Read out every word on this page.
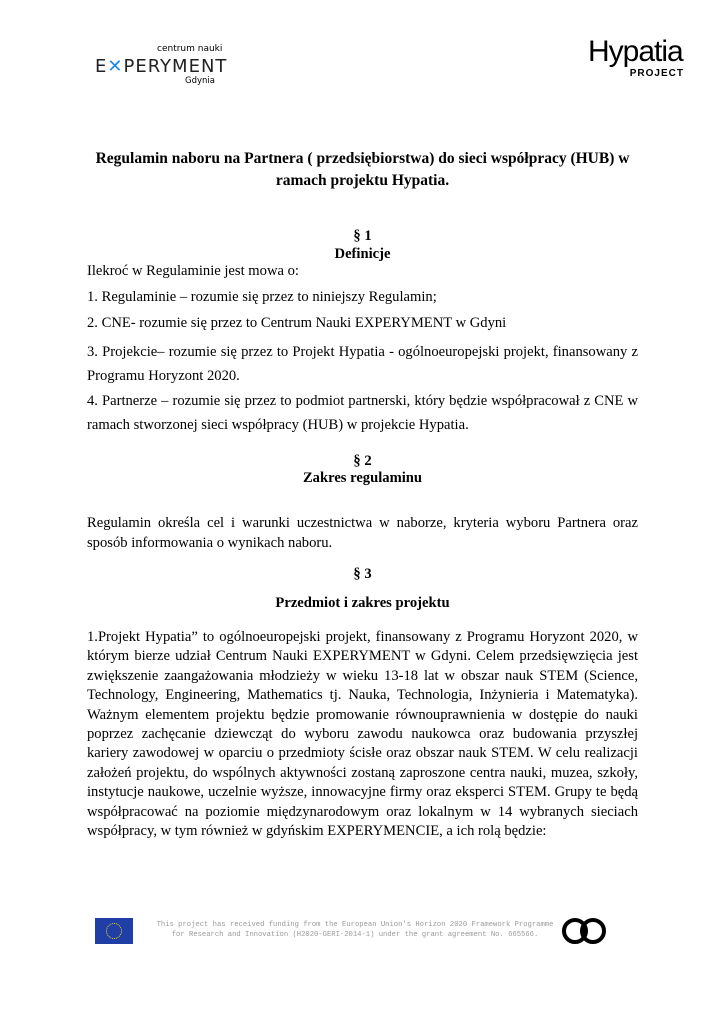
centrum nauki
E✕PERYMENT
Gdynia
Hypatia
PROJECT
Regulamin naboru na Partnera ( przedsiębiorstwa) do sieci współpracy (HUB) w
ramach projektu Hypatia.
§ 1
Definicje
Ilekroć w Regulaminie jest mowa o:
1. Regulaminie – rozumie się przez to niniejszy Regulamin;
2. CNE- rozumie się przez to Centrum Nauki EXPERYMENT w Gdyni
3. Projekcie– rozumie się przez to Projekt Hypatia - ogólnoeuropejski projekt, finansowany z Programu Horyzont 2020.
4. Partnerze – rozumie się przez to podmiot partnerski, który będzie współpracował z CNE w ramach stworzonej sieci współpracy (HUB) w projekcie Hypatia.
§ 2
Zakres regulaminu
Regulamin określa cel i warunki uczestnictwa w naborze, kryteria wyboru Partnera oraz sposób informowania o wynikach naboru.
§ 3
Przedmiot i zakres projektu
1.Projekt Hypatia” to ogólnoeuropejski projekt, finansowany z Programu Horyzont 2020, w którym bierze udział Centrum Nauki EXPERYMENT w Gdyni. Celem przedsięwzięcia jest zwiększenie zaangażowania młodzieży w wieku 13-18 lat w obszar nauk STEM (Science, Technology, Engineering, Mathematics tj. Nauka, Technologia, Inżynieria i Matematyka). Ważnym elementem projektu będzie promowanie równouprawnienia w dostępie do nauki poprzez zachęcanie dziewcząt do wyboru zawodu naukowca oraz budowania przyszłej kariery zawodowej w oparciu o przedmioty ścisłe oraz obszar nauk STEM. W celu realizacji założeń projektu, do wspólnych aktywności zostaną zaproszone centra nauki, muzea, szkoły, instytucje naukowe, uczelnie wyższe, innowacyjne firmy oraz eksperci STEM. Grupy te będą współpracować na poziomie międzynarodowym oraz lokalnym w 14 wybranych sieciach współpracy, w tym również w gdyńskim EXPERYMENCIE, a ich rolą będzie:
This project has received funding from the European Union's Horizon 2020 Framework Programme for Research and Innovation (H2020-GERI-2014-1) under the grant agreement No. 665566.
